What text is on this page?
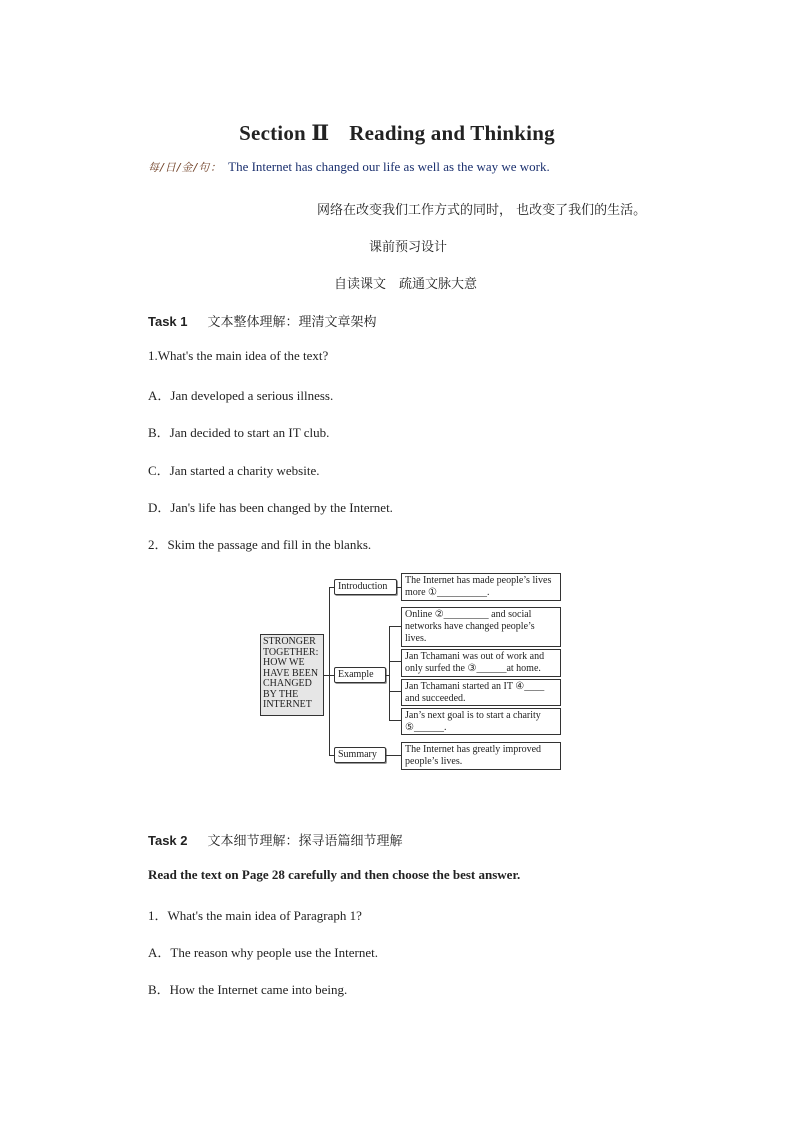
Section Ⅱ Reading and Thinking
每/日/金/句： The Internet has changed our life as well as the way we work.
网络在改变我们工作方式的同时， 也改变了我们的生活。
课前预习设计
自读课文　疏通文脉大意
Task 1 文本整体理解：理清文章架构
1.What's the main idea of the text?
A．Jan developed a serious illness.
B．Jan decided to start an IT club.
C．Jan started a charity website.
D．Jan's life has been changed by the Internet.
2．Skim the passage and fill in the blanks.
STRONGER TOGETHER: HOW WE HAVE BEEN CHANGED BY THE INTERNET
Introduction
Example
Summary
The Internet has made people’s lives more ①__________.
Online ②_________ and social networks have changed people’s lives.
Jan Tchamani was out of work and only surfed the ③______at home.
Jan Tchamani started an IT ④____ and succeeded.
Jan’s next goal is to start a charity ⑤______.
The Internet has greatly improved people’s lives.
Task 2 文本细节理解：探寻语篇细节理解
Read the text on Page 28 carefully and then choose the best answer.
1．What's the main idea of Paragraph 1?
A．The reason why people use the Internet.
B．How the Internet came into being.
